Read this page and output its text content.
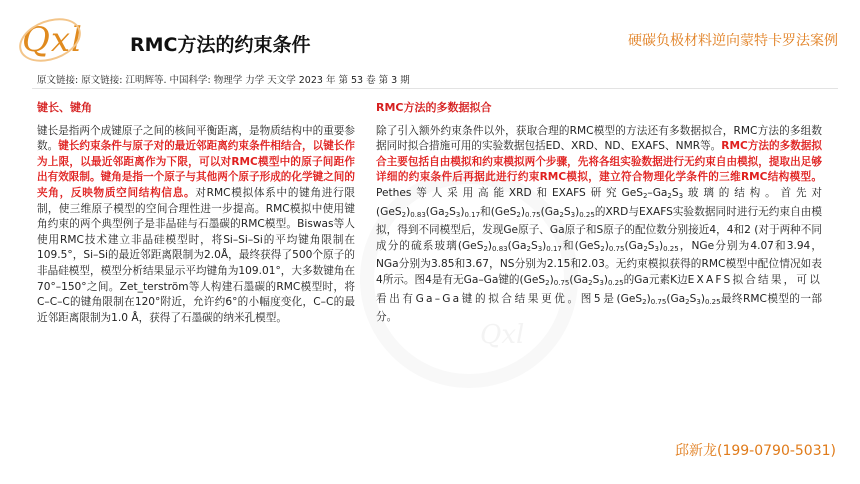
Qxl
Qxl	RMC方法的约束条件	硬碳负极材料逆向蒙特卡罗法案例
原文链接: 原文链接: 江明辉等. 中国科学: 物理学 力学 天文学 2023 年 第 53 卷 第 3 期
键长、键角
键长是指两个成键原子之间的核间平衡距离，是物质结构中的重要参数。键长约束条件与原子对的最近邻距离约束条件相结合，以键长作为上限，以最近邻距离作为下限，可以对RMC模型中的原子间距作出有效限制。键角是指一个原子与其他两个原子形成的化学键之间的夹角，反映物质空间结构信息。对RMC模拟体系中的键角进行限制，使三维原子模型的空间合理性进一步提高。RMC模拟中使用键角约束的两个典型例子是非晶硅与石墨碳的RMC模型。Biswas等人使用RMC技术建立非晶硅模型时，将Si–Si–Si的平均键角限制在109.5°，Si–Si的最近邻距离限制为2.0Å，最终获得了500个原子的非晶硅模型，模型分析结果显示平均键角为109.01°，大多数键角在70°–150°之间。Zet_terström等人构建石墨碳的RMC模型时，将C–C–C的键角限制在120°附近，允许约6°的小幅度变化，C–C的最近邻距离限制为1.0 Å，获得了石墨碳的纳米孔模型。
RMC方法的多数据拟合
除了引入额外约束条件以外，获取合理的RMC模型的方法还有多数据拟合，RMC方法的多组数据同时拟合措施可用的实验数据包括ED、XRD、ND、EXAFS、NMR等。RMC方法的多数据拟合主要包括自由模拟和约束模拟两个步骤，先将各组实验数据进行无约束自由模拟，提取出足够详细的约束条件后再据此进行约束RMC模拟，建立符合物理化学条件的三维RMC结构模型。Pethes等人采用高能XRD和EXAFS研究$GeS_2-Ga_2S_3$玻璃的结构。首先对$(GeS_2)_{0.83}(Ga_2S_3)_{0.17}$和$(GeS_2)_{0.75}(Ga_2S_3)_{0.25}$的XRD与EXAFS实验数据同时进行无约束自由模拟，得到不同模型后，发现Ge原子、Ga原子和S原子的配位数分别接近4，4和2 (对于两种不同成分的硫系玻璃$(GeS_2)_{0.83}(Ga_2S_3)_{0.17}$和$(GeS_2)_{0.75}(Ga_2S_3)_{0.25}$，NGe分别为4.07和3.94，NGa分别为3.85和3.67，NS分别为2.15和2.03。无约束模拟获得的RMC模型中配位情况如表4所示。图4是有无Ga–Ga键的$(GeS_2)_{0.75}(Ga_2S_3)_{0.25}$的Ga元素K边EXAFS拟合结果，可以看出有Ga–Ga键的拟合结果更优。图5是$(GeS_2)_{0.75}(Ga_2S_3)_{0.25}$最终RMC模型的一部分。
邱新龙(199-0790-5031)
